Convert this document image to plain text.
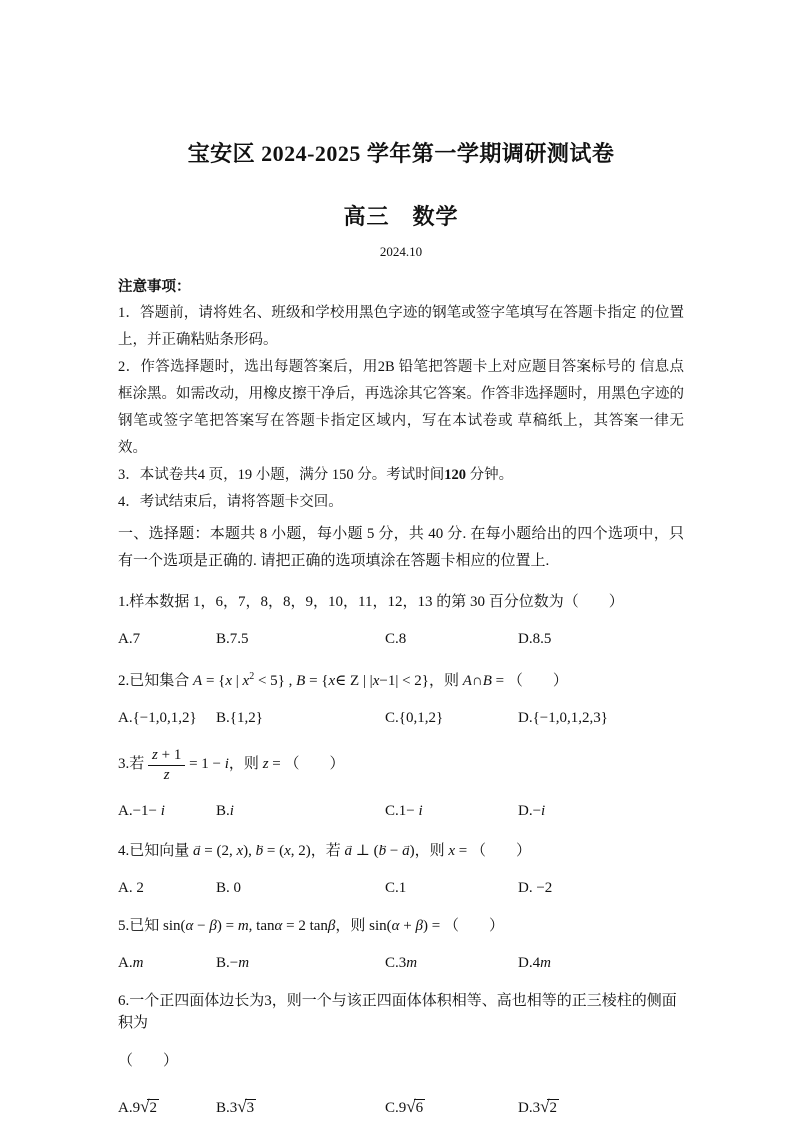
宝安区 2024-2025 学年第一学期调研测试卷
高三　数学
2024.10
注意事项：

1．答题前，请将姓名、班级和学校用黑色字迹的钢笔或签字笔填写在答题卡指定 的位置上，并正确粘贴条形码。

2．作答选择题时，选出每题答案后，用2B 铅笔把答题卡上对应题目答案标号的 信息点框涂黑。如需改动，用橡皮擦干净后，再选涂其它答案。作答非选择题时，用黑色字迹的钢笔或签字笔把答案写在答题卡指定区域内，写在本试卷或 草稿纸上，其答案一律无效。

3．本试卷共4 页，19 小题，满分 150 分。考试时间120 分钟。

4．考试结束后，请将答题卡交回。

一、选择题：本题共 8 小题，每小题 5 分，共 40 分. 在每小题给出的四个选项中，只有一个选项是正确的. 请把正确的选项填涂在答题卡相应的位置上.

1.样本数据 1，6，7，8，8，9，10，11，12，13 的第 30 百分位数为（　　）
A.7	B.7.5	C.8	D.8.5
2.已知集合 A = {x | $x^2 < 5$} , B = {x∈ Z | |x−1| < 2}，则 A∩B = （　　）
A.{−1,0,1,2}	B.{1,2}	C.{0,1,2}	D.{−1,0,1,2,3}
3.若 $\frac{z + 1}{z} = 1 - i$，则 z = （　　）
A.−1− i	B.i	C.1− i	D.−i
4.已知向量 a → = (2, x), b → = (x, 2)，若 a → ⊥ (b → − a →)，则 x = （　　）
A. 2	B. 0	C.1	D. −2
5.已知 sin(α − β) = m, tanα = 2 tanβ，则 sin(α + β) = （　　）
A.m	B.−m	C.3m	D.4m
6.一个正四面体边长为3，则一个与该正四面体体积相等、高也相等的正三棱柱的侧面积为
（　　）
A.9√2	B.3√3	C.9√6	D.3√2
